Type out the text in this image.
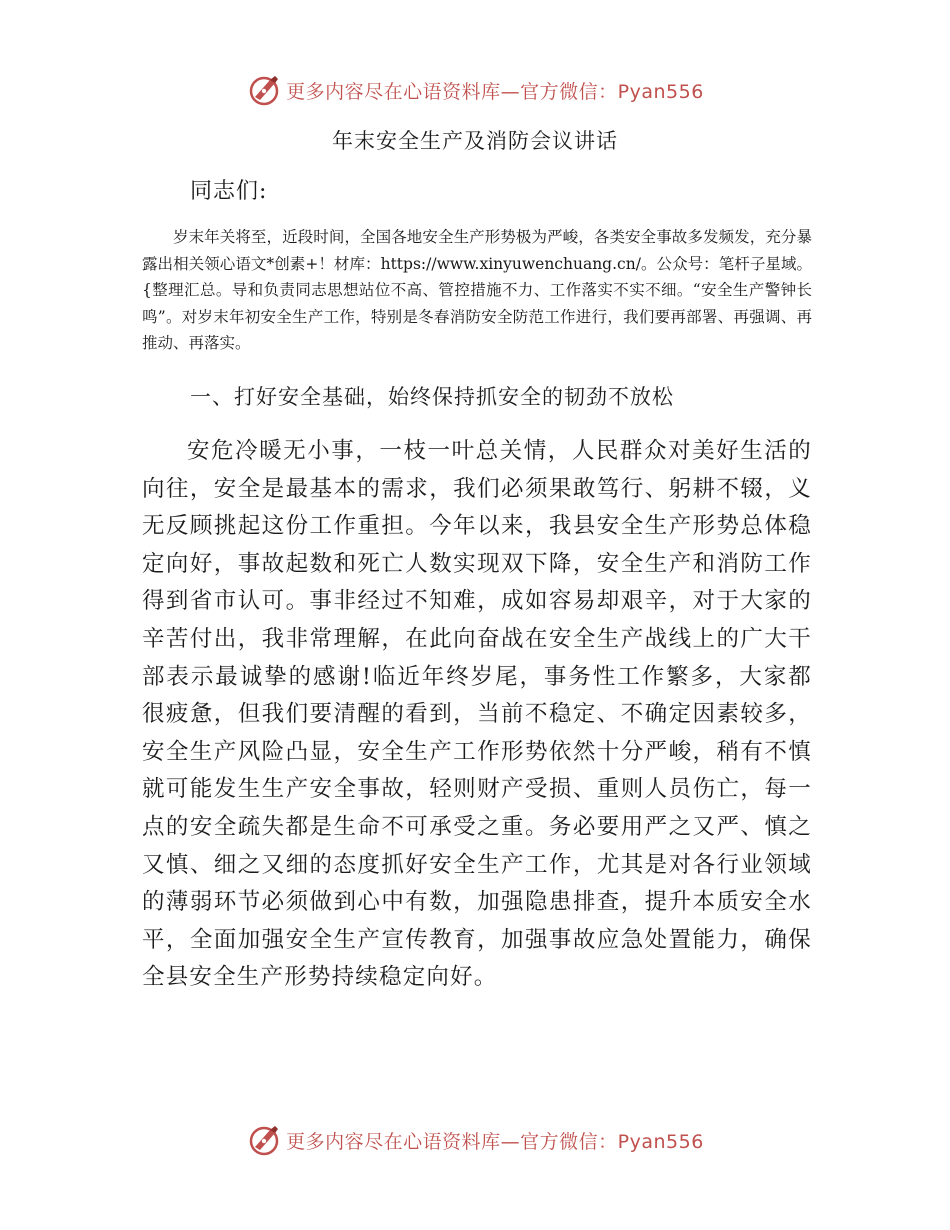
更多内容尽在心语资料库—官方微信：Pyan556
年末安全生产及消防会议讲话
同志们:

岁末年关将至，近段时间，全国各地安全生产形势极为严峻，各类安全事故多发频发，充分暴露出相关领心语文*创素+！材库：https://www.xinyuwenchuang.cn/。公众号：笔杆子星域。{整理汇总。导和负责同志思想站位不高、管控措施不力、工作落实不实不细。“安全生产警钟长鸣”。对岁末年初安全生产工作，特别是冬春消防安全防范工作进行，我们要再部署、再强调、再推动、再落实。

一、打好安全基础，始终保持抓安全的韧劲不放松

安危冷暖无小事，一枝一叶总关情，人民群众对美好生活的向往，安全是最基本的需求，我们必须果敢笃行、躬耕不辍，义无反顾挑起这份工作重担。今年以来，我县安全生产形势总体稳定向好，事故起数和死亡人数实现双下降，安全生产和消防工作得到省市认可。事非经过不知难，成如容易却艰辛，对于大家的辛苦付出，我非常理解，在此向奋战在安全生产战线上的广大干部表示最诚挚的感谢!临近年终岁尾，事务性工作繁多，大家都很疲惫，但我们要清醒的看到，当前不稳定、不确定因素较多，安全生产风险凸显，安全生产工作形势依然十分严峻，稍有不慎就可能发生生产安全事故，轻则财产受损、重则人员伤亡，每一点的安全疏失都是生命不可承受之重。务必要用严之又严、慎之又慎、细之又细的态度抓好安全生产工作，尤其是对各行业领域的薄弱环节必须做到心中有数，加强隐患排查，提升本质安全水平，全面加强安全生产宣传教育，加强事故应急处置能力，确保全县安全生产形势持续稳定向好。

更多内容尽在心语资料库—官方微信：Pyan556
